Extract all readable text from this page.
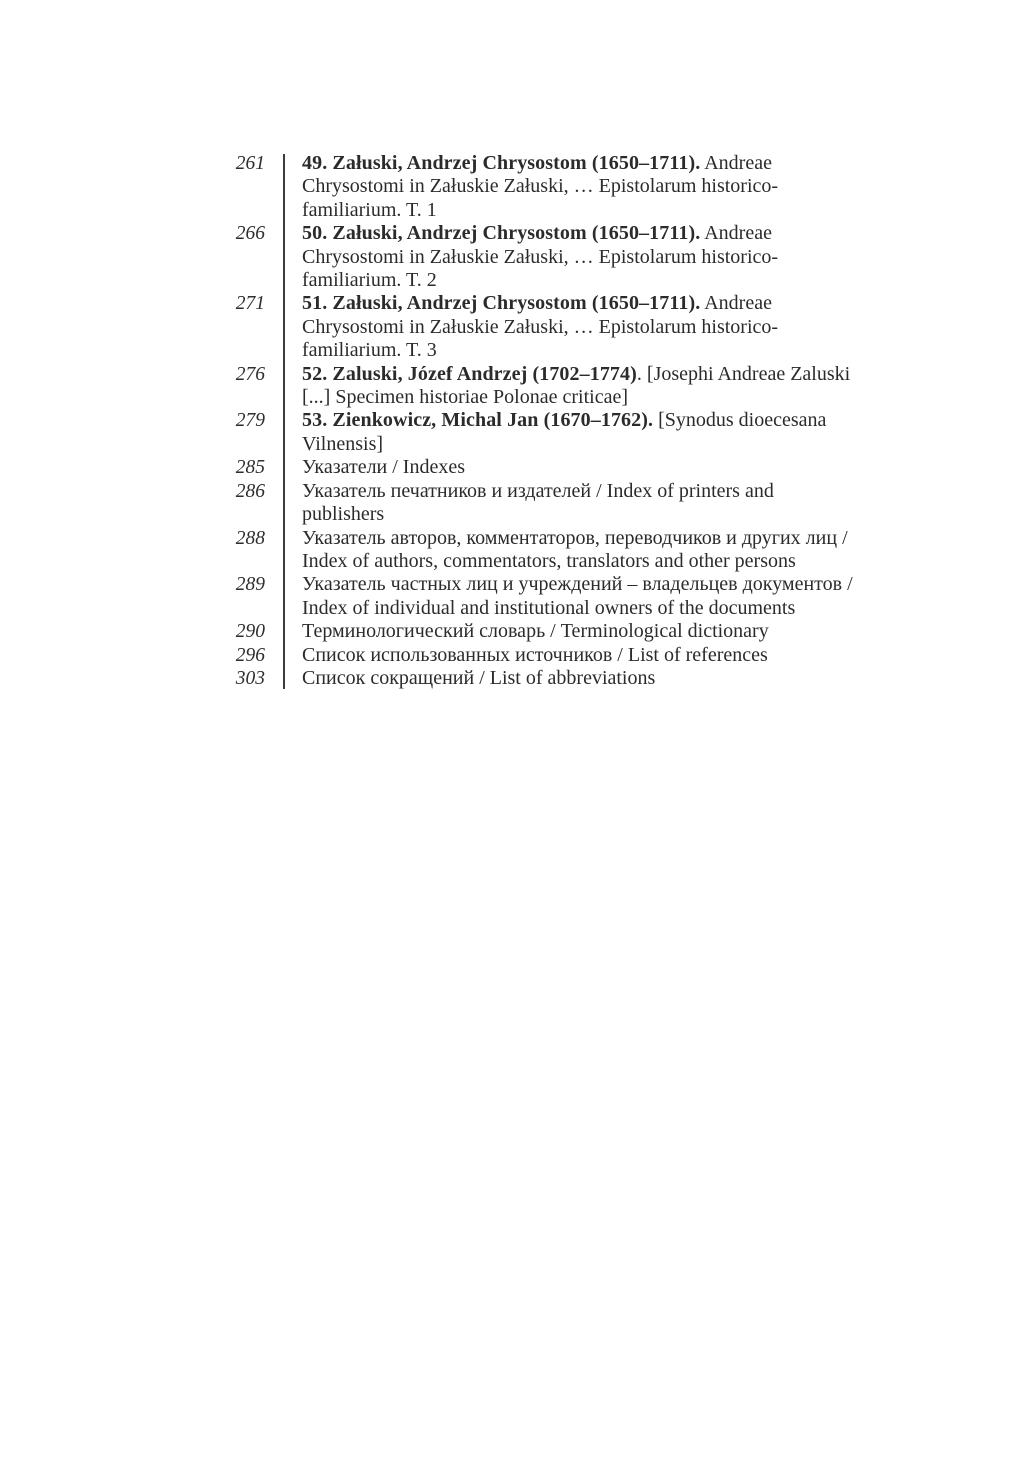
261	49. Załuski, Andrzej Chrysostom (1650–1711). Andreae Chrysostomi in Załuskie Załuski, … Epistolarum historico-familiarium. T. 1
266	50. Załuski, Andrzej Chrysostom (1650–1711). Andreae Chrysostomi in Załuskie Załuski, … Epistolarum historico-familiarium. T. 2
271	51. Załuski, Andrzej Chrysostom (1650–1711). Andreae Chrysostomi in Załuskie Załuski, … Epistolarum historico-familiarium. T. 3
276	52. Zaluski, Józef Andrzej (1702–1774). [Josephi Andreae Zaluski [...] Specimen historiae Polonae criticae]
279	53. Zienkowicz, Michal Jan (1670–1762). [Synodus dioecesana Vilnensis]
285	Указатели / Indexes
286	Указатель печатников и издателей / Index of printers and publishers
288	Указатель авторов, комментаторов, переводчиков и других лиц / Index of authors, commentators, translators and other persons
289	Указатель частных лиц и учреждений – владельцев документов / Index of individual and institutional owners of the documents
290	Терминологический словарь / Terminological dictionary
296	Список использованных источников / List of references
303	Список сокращений / List of abbreviations
